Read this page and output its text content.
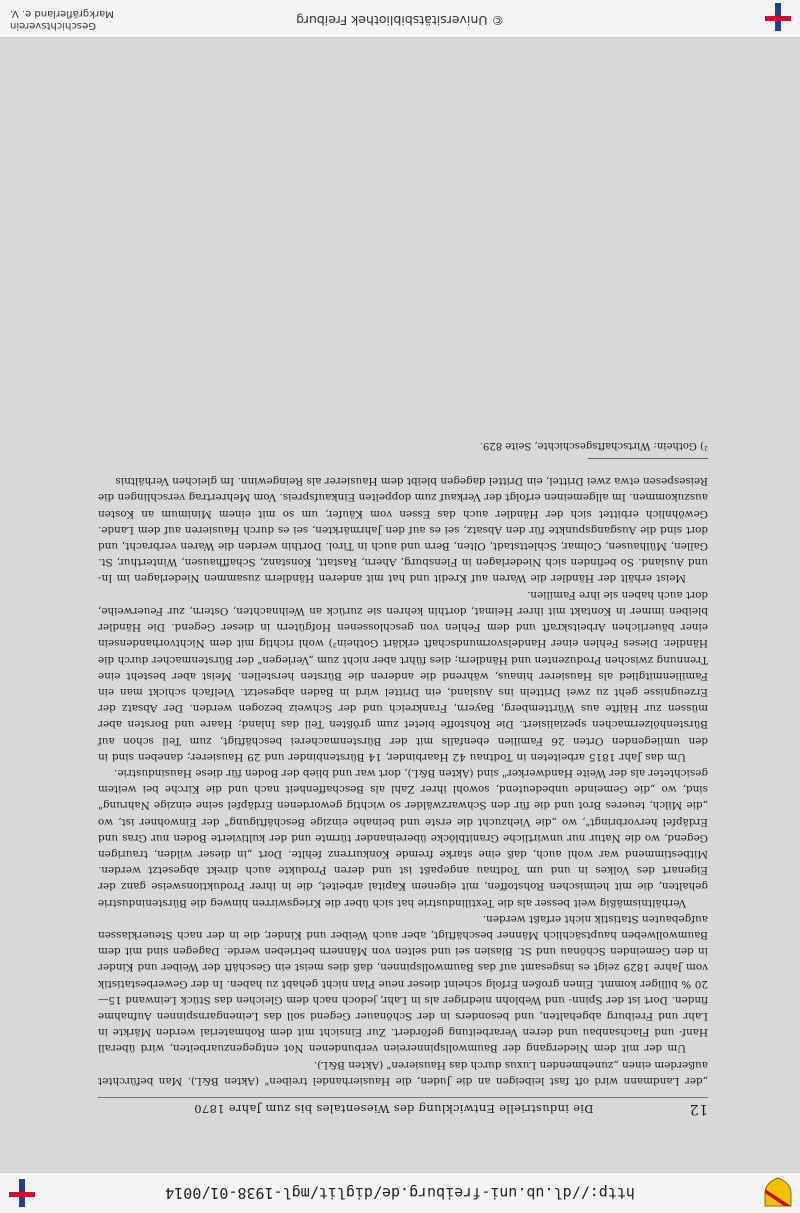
http://dl.ub.uni-freiburg.de/diglit/mgl-1938-01/0014
12
Die industrielle Entwicklung des Wiesentales bis zum Jahre 1870

„der Landmann wird oft fast leibeigen an die Juden, die Hausierhandel treiben" (Akten B&L). Man befürchtet außerdem einen „zunehmenden Luxus durch das Hausieren" (Akten B&L).

Um der mit dem Niedergang der Baumwollspinnereien verbundenen Not entgegenzuarbeiten, wird überall Hanf- und Flachsanbau und deren Verarbeitung gefördert. Zur Einsicht mit dem Rohmaterial werden Märkte in Lahr und Freiburg abgehalten, und besonders in der Schönauer Gegend soll das Leinengarnspinnen Aufnahme finden. Dort ist der Spinn- und Weblohn niedriger als in Lahr, jedoch nach dem Gleichen das Stück Leinwand 15—20 % billiger kommt. Einen großen Erfolg scheint dieser neue Plan nicht gehabt zu haben. In der Gewerbestatistik vom Jahre 1829 zeigt es insgesamt auf das Baumwollspinnen, daß dies meist ein Geschäft der Weiber und Kinder in den Gemeinden Schönau und St. Blasien sei und selten von Männern betrieben werde. Dagegen sind mit dem Baumwollweben hauptsächlich Männer beschäftigt, aber auch Weiber und Kinder, die in der nach Steuerklassen aufgebauten Statistik nicht erfaßt werden.

Verhältnismäßig weit besser als die Textilindustrie hat sich über die Kriegswirren hinweg die Bürstenindustrie gehalten, die mit heimischen Rohstoffen, mit eigenem Kapital arbeitet, die in ihrer Produktionsweise ganz der Eigenart des Volkes in und um Todtnau angepaßt ist und deren Produkte auch direkt abgesetzt werden. Mitbestimmend war wohl auch, daß eine starke fremde Konkurrenz fehlte. Dort „in dieser wilden, traurigen Gegend, wo die Natur nur unwirtliche Granitblöcke übereinander türmte und der kultivierte Boden nur Gras und Erdäpfel hervorbringt", wo „die Viehzucht die erste und beinahe einzige Beschäftigung" der Einwohner ist, wo „die Milch, teueres Brot und die für den Schwarzwälder so wichtig gewordenen Erdäpfel seine einzige Nahrung" sind, wo „die Gemeinde unbedeutend, sowohl ihrer Zahl als Beschaffenheit nach und die Kirche bei weitem gesichteter als der Weite Handwerker" sind (Akten B&L), dort war und blieb der Boden für diese Hausindustrie.

Um das Jahr 1815 arbeiteten in Todtnau 42 Haarbinder, 14 Bürstenbinder und 29 Hausierer; daneben sind in den umliegenden Orten 26 Familien ebenfalls mit der Bürstenmacherei beschäftigt, zum Teil schon auf Bürstenhölzermachen spezialisiert. Die Rohstoffe bietet zum größten Teil das Inland; Haare und Borsten aber müssen zur Hälfte aus Württemberg, Bayern, Frankreich und der Schweiz bezogen werden. Der Absatz der Erzeugnisse geht zu zwei Dritteln ins Ausland, ein Drittel wird in Baden abgesetzt. Vielfach schickt man ein Familienmitglied als Hausierer hinaus, während die anderen die Bürsten herstellen. Meist aber besteht eine Trennung zwischen Produzenten und Händlern; dies führt aber nicht zum „Verlegen" der Bürstenmacher durch die Händler. Dieses Fehlen einer Handelsvormundschaft erklärt Gothein²) wohl richtig mit dem Nichtvorhandensein einer bäuerlichen Arbeitskraft und dem Fehlen von geschlossenen Hofgütern in dieser Gegend. Die Händler bleiben immer in Kontakt mit ihrer Heimat, dorthin kehren sie zurück an Weihnachten, Ostern, zur Feuerweihe, dort auch haben sie ihre Familien.

Meist erhält der Händler die Waren auf Kredit und hat mit anderen Händlern zusammen Niederlagen im In- und Ausland. So befinden sich Niederlagen in Flensburg, Ahern, Rastatt, Konstanz, Schaffhausen, Winterthur, St. Gallen, Mülhausen, Colmar, Schlettstadt, Olten, Bern und auch in Tirol. Dorthin werden die Waren verbracht, und dort sind die Ausgangspunkte für den Absatz, sei es auf den Jahrmärkten, sei es durch Hausieren auf dem Lande. Gewöhnlich erbittet sich der Händler auch das Essen vom Käufer, um so mit einem Minimum an Kosten auszukommen. Im allgemeinen erfolgt der Verkauf zum doppelten Einkaufspreis. Vom Mehrertrag verschlingen die Reisespesen etwa zwei Drittel, ein Drittel dagegen bleibt dem Hausierer als Reingewinn. Im gleichen Verhältnis

²) Gothein: Wirtschaftsgeschichte, Seite 829.

© Universitätsbibliothek Freiburg
Geschichtsverein
Markgräflerland e. V.
